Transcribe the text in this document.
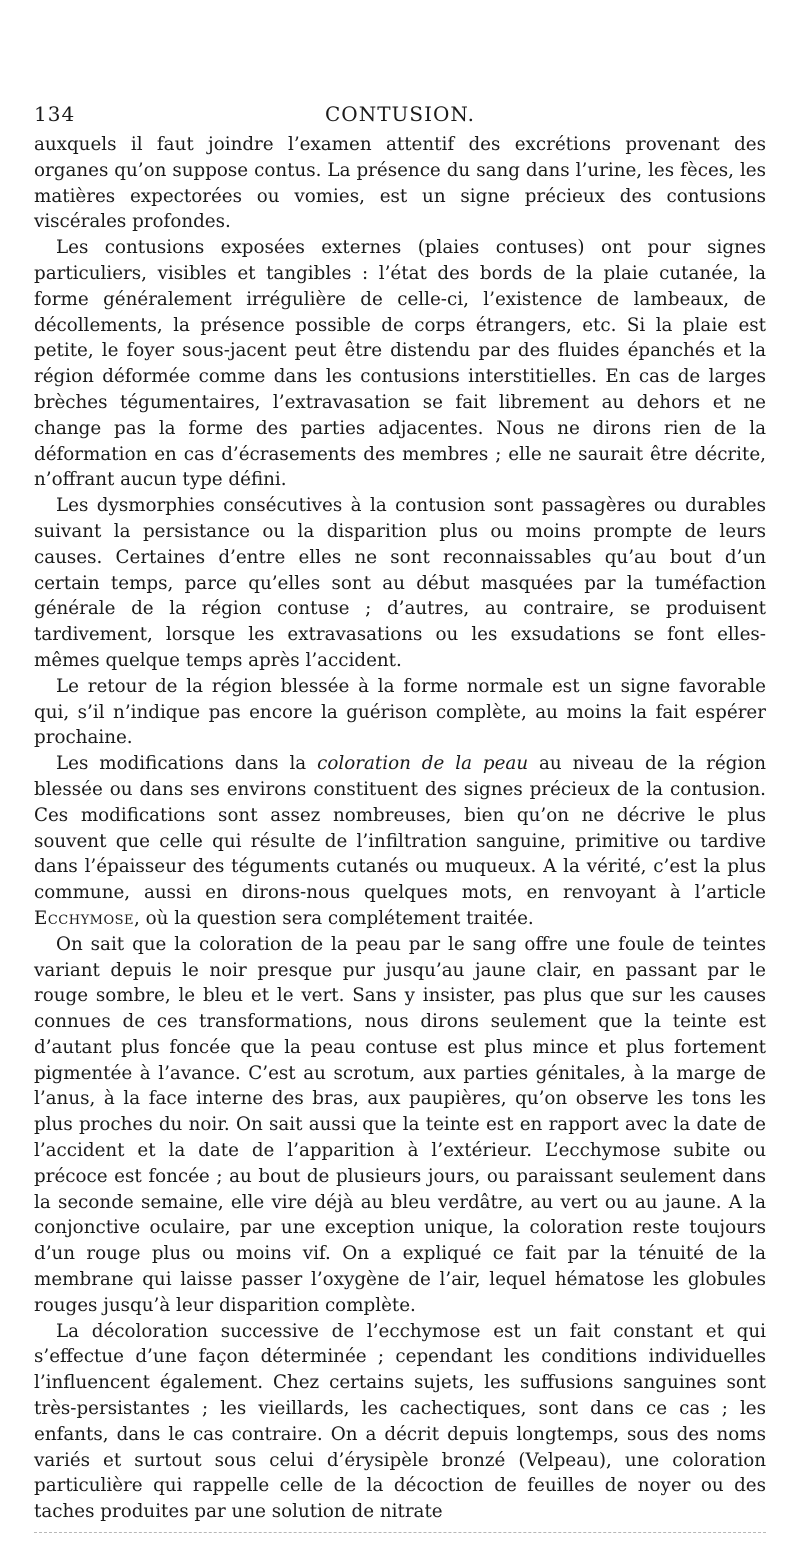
134	CONTUSION.

auxquels il faut joindre l’examen attentif des excrétions provenant des organes qu’on suppose contus. La présence du sang dans l’urine, les fèces, les matières expectorées ou vomies, est un signe précieux des contusions viscérales profondes.

Les contusions exposées externes (plaies contuses) ont pour signes particuliers, visibles et tangibles : l’état des bords de la plaie cutanée, la forme généralement irrégulière de celle-ci, l’existence de lambeaux, de décollements, la présence possible de corps étrangers, etc. Si la plaie est petite, le foyer sous-jacent peut être distendu par des fluides épanchés et la région déformée comme dans les contusions interstitielles. En cas de larges brèches tégumentaires, l’extravasation se fait librement au dehors et ne change pas la forme des parties adjacentes. Nous ne dirons rien de la déformation en cas d’écrasements des membres ; elle ne saurait être décrite, n’offrant aucun type défini.

Les dysmorphies consécutives à la contusion sont passagères ou durables suivant la persistance ou la disparition plus ou moins prompte de leurs causes. Certaines d’entre elles ne sont reconnaissables qu’au bout d’un certain temps, parce qu’elles sont au début masquées par la tuméfaction générale de la région contuse ; d’autres, au contraire, se produisent tardivement, lorsque les extravasations ou les exsudations se font elles-mêmes quelque temps après l’accident.

Le retour de la région blessée à la forme normale est un signe favorable qui, s’il n’indique pas encore la guérison complète, au moins la fait espérer prochaine.

Les modifications dans la coloration de la peau au niveau de la région blessée ou dans ses environs constituent des signes précieux de la contusion. Ces modifications sont assez nombreuses, bien qu’on ne décrive le plus souvent que celle qui résulte de l’infiltration sanguine, primitive ou tardive dans l’épaisseur des téguments cutanés ou muqueux. A la vérité, c’est la plus commune, aussi en dirons-nous quelques mots, en renvoyant à l’article Ecchymose, où la question sera complétement traitée.

On sait que la coloration de la peau par le sang offre une foule de teintes variant depuis le noir presque pur jusqu’au jaune clair, en passant par le rouge sombre, le bleu et le vert. Sans y insister, pas plus que sur les causes connues de ces transformations, nous dirons seulement que la teinte est d’autant plus foncée que la peau contuse est plus mince et plus fortement pigmentée à l’avance. C’est au scrotum, aux parties génitales, à la marge de l’anus, à la face interne des bras, aux paupières, qu’on observe les tons les plus proches du noir. On sait aussi que la teinte est en rapport avec la date de l’accident et la date de l’apparition à l’extérieur. L’ecchymose subite ou précoce est foncée ; au bout de plusieurs jours, ou paraissant seulement dans la seconde semaine, elle vire déjà au bleu verdâtre, au vert ou au jaune. A la conjonctive oculaire, par une exception unique, la coloration reste toujours d’un rouge plus ou moins vif. On a expliqué ce fait par la ténuité de la membrane qui laisse passer l’oxygène de l’air, lequel hématose les globules rouges jusqu’à leur disparition complète.

La décoloration successive de l’ecchymose est un fait constant et qui s’effectue d’une façon déterminée ; cependant les conditions individuelles l’influencent également. Chez certains sujets, les suffusions sanguines sont très-persistantes ; les vieillards, les cachectiques, sont dans ce cas ; les enfants, dans le cas contraire. On a décrit depuis longtemps, sous des noms variés et surtout sous celui d’érysipèle bronzé (Velpeau), une coloration particulière qui rappelle celle de la décoction de feuilles de noyer ou des taches produites par une solution de nitrate
